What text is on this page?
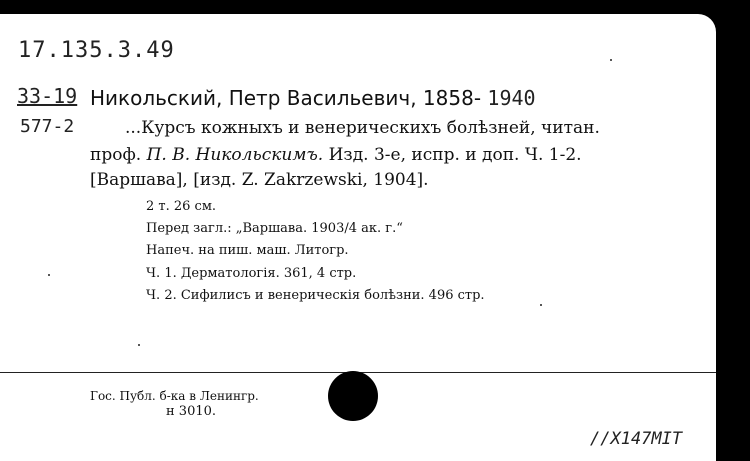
17.135.3.49
33-19
577-2
Никольский, Петр Васильевич, 1858- 1940
...Курсъ кожныхъ и венерическихъ болѣзней, читан.
проф. П. В. Никольскимъ. Изд. 3-е, испр. и доп. Ч. 1-2.
[Варшава], [изд. Z. Zakrzewski, 1904].
2 т. 26 см.
Перед загл.: „Варшава. 1903/4 ак. г.“
Напеч. на пиш. маш. Литогр.
Ч. 1. Дерматологія. 361, 4 стр.
Ч. 2. Сифилисъ и венерическія болѣзни. 496 стр.
Гос. Публ. б-ка в Ленингр.
н 3010.
//X147MIT
